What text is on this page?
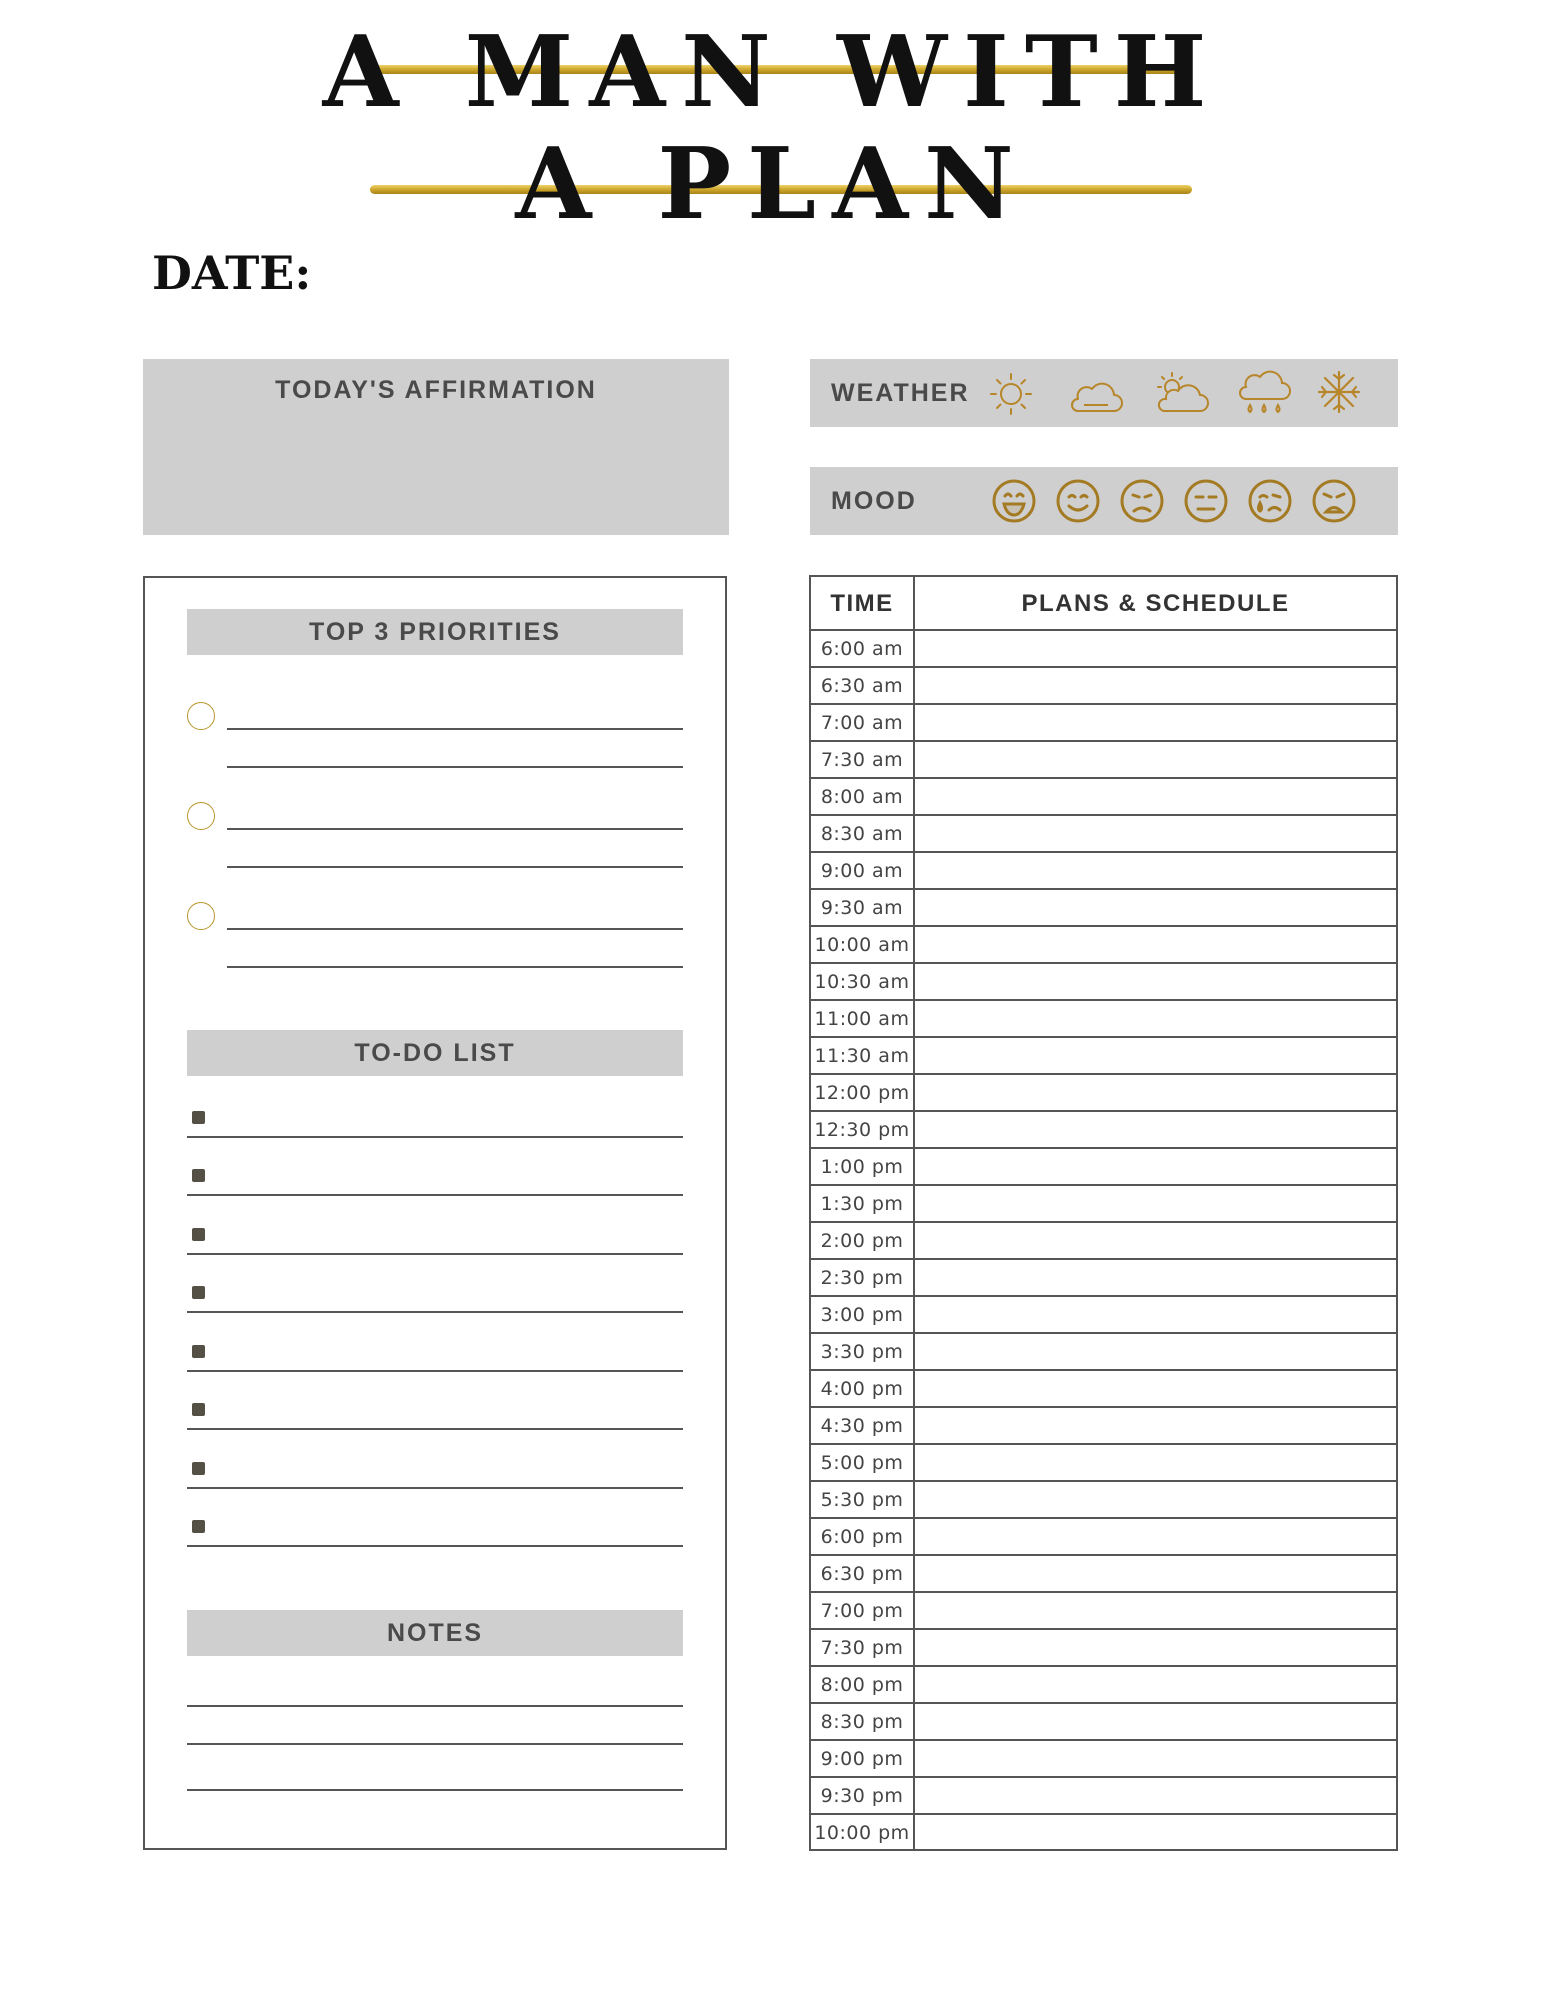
A MAN WITH
A PLAN
DATE:
TODAY'S AFFIRMATION	WEATHER
MOOD
TOP 3 PRIORITIES
TO-DO LIST
NOTES
TIME	PLANS & SCHEDULE
6:00 am
6:30 am
7:00 am
7:30 am
8:00 am
8:30 am
9:00 am
9:30 am
10:00 am
10:30 am
11:00 am
11:30 am
12:00 pm
12:30 pm
1:00 pm
1:30 pm
2:00 pm
2:30 pm
3:00 pm
3:30 pm
4:00 pm
4:30 pm
5:00 pm
5:30 pm
6:00 pm
6:30 pm
7:00 pm
7:30 pm
8:00 pm
8:30 pm
9:00 pm
9:30 pm
10:00 pm
